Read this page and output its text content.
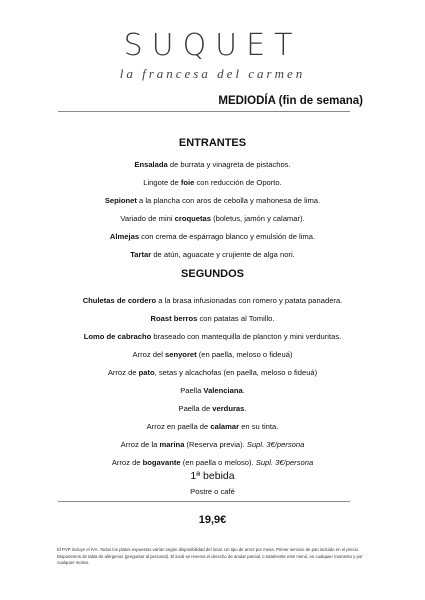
SUQUET
la francesa del carmen
MEDIODÍA (fin de semana)
ENTRANTES
Ensalada de burrata y vinagreta de pistachos.
Lingote de foie con reducción de Oporto.
Sepionet a la plancha con aros de cebolla y mahonesa de lima.
Variado de mini croquetas (boletus, jamón y calamar).
Almejas con crema de espárrago blanco y emulsión de lima.
Tartar de atún, aguacate y crujiente de alga nori.
SEGUNDOS
Chuletas de cordero a la brasa infusionadas con romero y patata panadera.
Roast berros con patatas al Tomillo.
Lomo de cabracho braseado con mantequilla de plancton y mini verduritas.
Arroz del senyoret (en paella, meloso o fideuá)
Arroz de pato, setas y alcachofas (en paella, meloso o fideuá)
Paella Valenciana.
Paella de verduras.
Arroz en paella de calamar en su tinta.
Arroz de la marina (Reserva previa). Supl. 3€/persona
Arroz de bogavante (en paella o meloso). Supl. 3€/persona
1ª bebida
Postre o café
19,9€
El PVP incluye el IVA. Todos los platos expuestos varían según disponibilidad del local. Un tipo de arroz por mesa. Primer servicio de pan incluido en el precio. Disponemos de tabla de alérgenos (preguntar al personal). El local se reserva el derecho de anular parcial, o totalmente este menú, en cualquier momento y por cualquier motivo.
